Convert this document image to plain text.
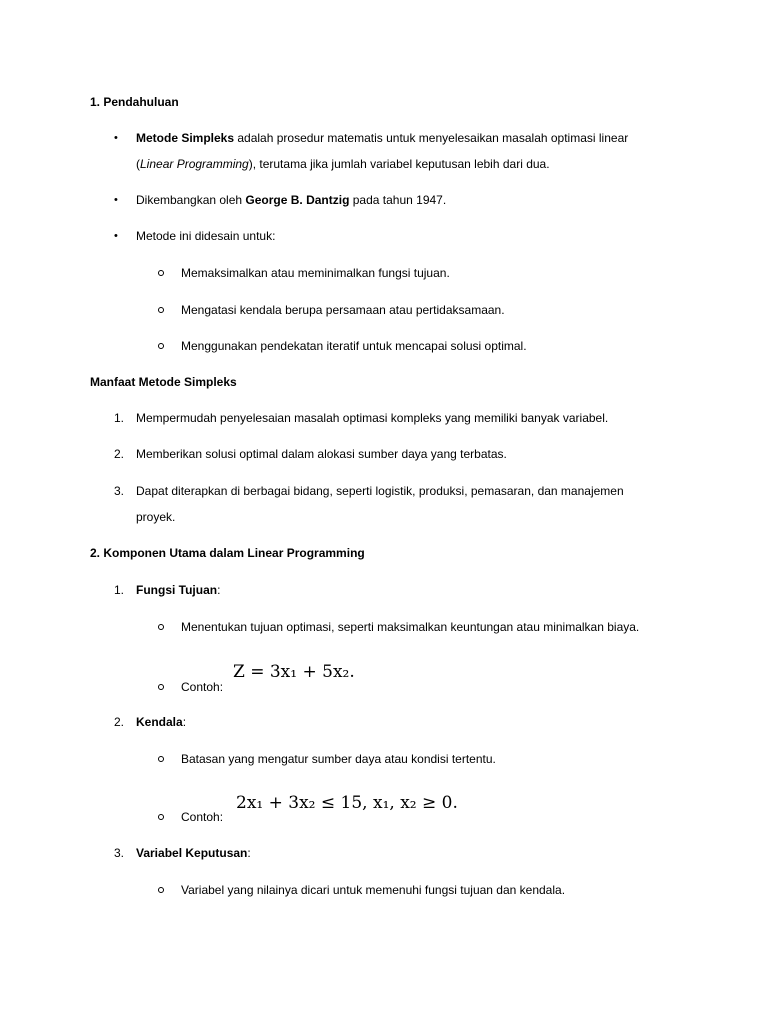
1. Pendahuluan
• Metode Simpleks adalah prosedur matematis untuk menyelesaikan masalah optimasi linear
(Linear Programming), terutama jika jumlah variabel keputusan lebih dari dua.
• Dikembangkan oleh George B. Dantzig pada tahun 1947.
• Metode ini didesain untuk:
Memaksimalkan atau meminimalkan fungsi tujuan.
Mengatasi kendala berupa persamaan atau pertidaksamaan.
Menggunakan pendekatan iteratif untuk mencapai solusi optimal.
Manfaat Metode Simpleks
1. Mempermudah penyelesaian masalah optimasi kompleks yang memiliki banyak variabel.
2. Memberikan solusi optimal dalam alokasi sumber daya yang terbatas.
3. Dapat diterapkan di berbagai bidang, seperti logistik, produksi, pemasaran, dan manajemen
proyek.
2. Komponen Utama dalam Linear Programming
1. Fungsi Tujuan:
Menentukan tujuan optimasi, seperti maksimalkan keuntungan atau minimalkan biaya.
Contoh:
Z = 3x₁ + 5x₂.
2. Kendala:
Batasan yang mengatur sumber daya atau kondisi tertentu.
Contoh:
2x₁ + 3x₂ ≤ 15, x₁, x₂ ≥ 0.
3. Variabel Keputusan:
Variabel yang nilainya dicari untuk memenuhi fungsi tujuan dan kendala.
